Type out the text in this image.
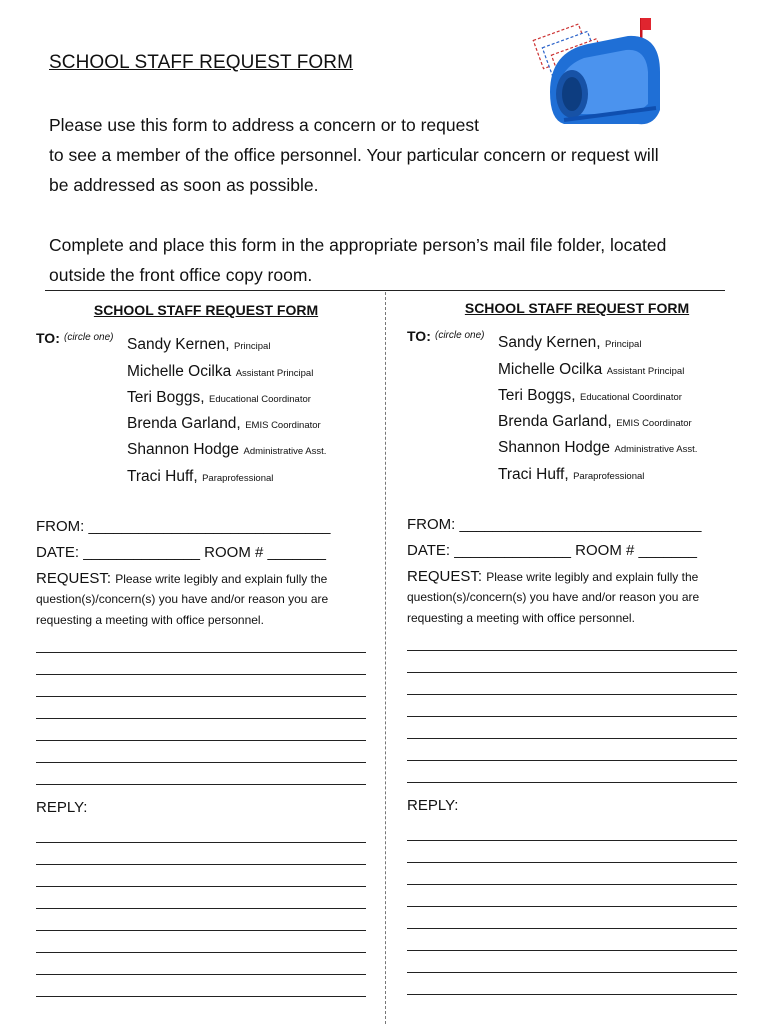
SCHOOL STAFF REQUEST FORM

Please use this form to address a concern or to request
to see a member of the office personnel. Your particular concern or request will
be addressed as soon as possible.

Complete and place this form in the appropriate person’s mail file folder, located
outside the front office copy room.

SCHOOL STAFF REQUEST FORM
TO: (circle one) Sandy Kernen, Principal
Michelle Ocilka Assistant Principal
Teri Boggs, Educational Coordinator
Brenda Garland, EMIS Coordinator
Shannon Hodge Administrative Asst.
Traci Huff, Paraprofessional
FROM: _____________________________
DATE: ______________ ROOM # _______
REQUEST: Please write legibly and explain fully the
question(s)/concern(s) you have and/or reason you are
requesting a meeting with office personnel.
REPLY:
SCHOOL STAFF REQUEST FORM
TO: (circle one) Sandy Kernen, Principal
Michelle Ocilka Assistant Principal
Teri Boggs, Educational Coordinator
Brenda Garland, EMIS Coordinator
Shannon Hodge Administrative Asst.
Traci Huff, Paraprofessional
FROM: _____________________________
DATE: ______________ ROOM # _______
REQUEST: Please write legibly and explain fully the
question(s)/concern(s) you have and/or reason you are
requesting a meeting with office personnel.
REPLY:
